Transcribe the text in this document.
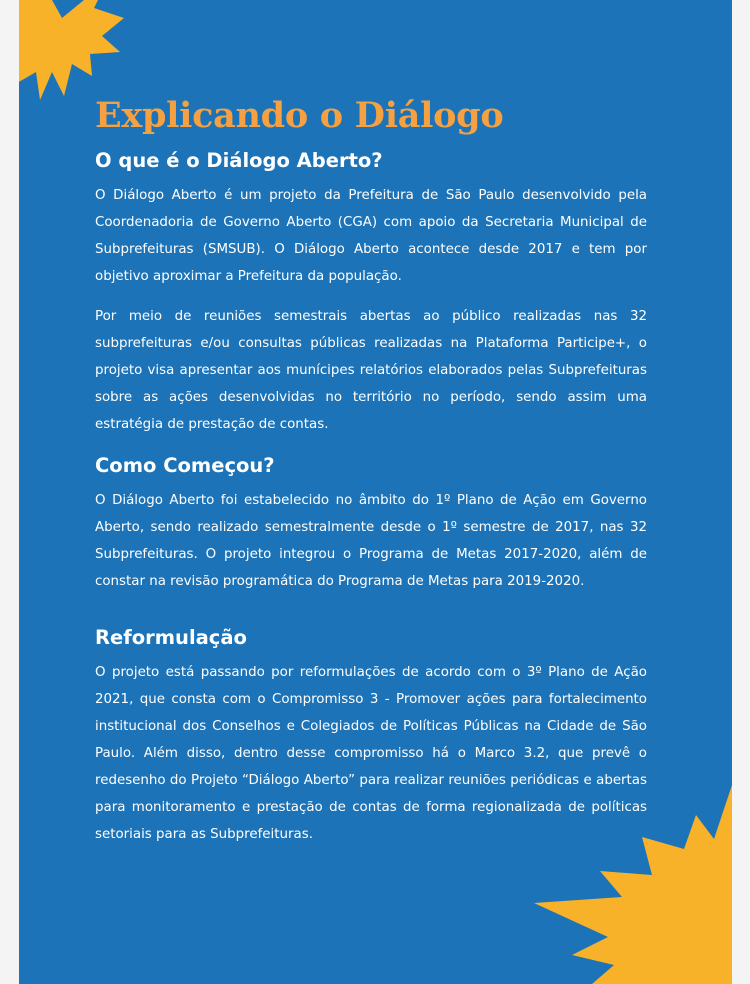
Explicando o Diálogo
O que é o Diálogo Aberto?

O Diálogo Aberto é um projeto da Prefeitura de São Paulo desenvolvido pela Coordenadoria de Governo Aberto (CGA) com apoio da Secretaria Municipal de Subprefeituras (SMSUB). O Diálogo Aberto acontece desde 2017 e tem por objetivo aproximar a Prefeitura da população.

Por meio de reuniões semestrais abertas ao público realizadas nas 32 subprefeituras e/ou consultas públicas realizadas na Plataforma Participe+, o projeto visa apresentar aos munícipes relatórios elaborados pelas Subprefeituras sobre as ações desenvolvidas no território no período, sendo assim uma estratégia de prestação de contas.

Como Começou?

O Diálogo Aberto foi estabelecido no âmbito do 1º Plano de Ação em Governo Aberto, sendo realizado semestralmente desde o 1º semestre de 2017, nas 32 Subprefeituras. O projeto integrou o Programa de Metas 2017-2020, além de constar na revisão programática do Programa de Metas para 2019-2020.

Reformulação

O projeto está passando por reformulações de acordo com o 3º Plano de Ação 2021, que consta com o Compromisso 3 - Promover ações para fortalecimento institucional dos Conselhos e Colegiados de Políticas Públicas na Cidade de São Paulo. Além disso, dentro desse compromisso há o Marco 3.2, que prevê o redesenho do Projeto “Diálogo Aberto” para realizar reuniões periódicas e abertas para monitoramento e prestação de contas de forma regionalizada de políticas setoriais para as Subprefeituras.
